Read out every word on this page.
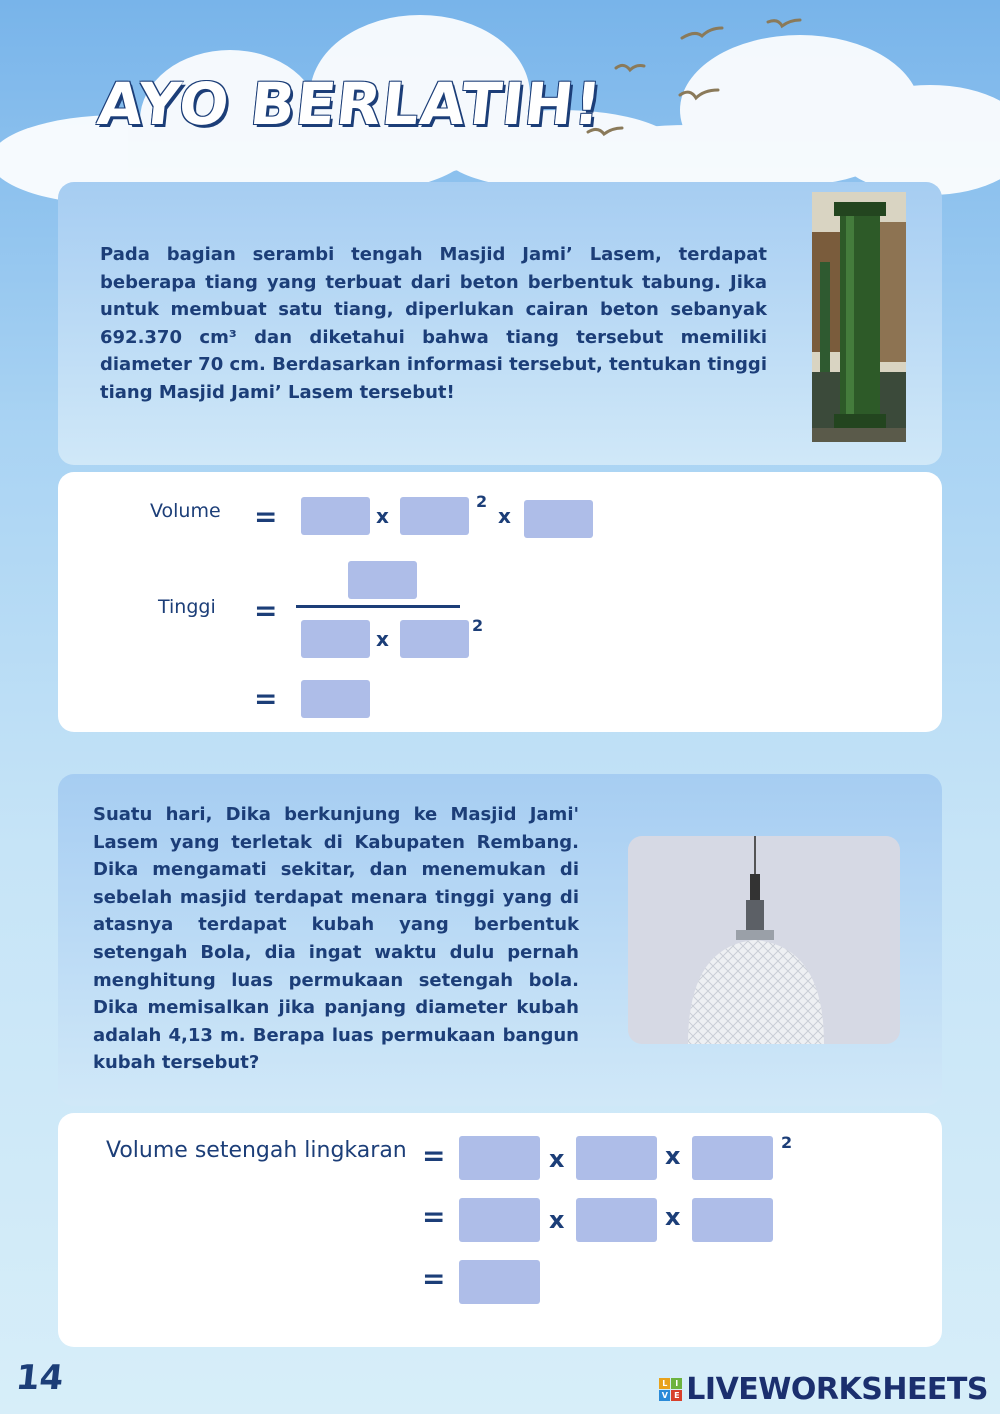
AYO BERLATIH!
Pada bagian serambi tengah Masjid Jami’ Lasem, terdapat beberapa tiang yang terbuat dari beton berbentuk tabung. Jika untuk membuat satu tiang, diperlukan cairan beton sebanyak 692.370 cm³ dan diketahui bahwa tiang tersebut memiliki diameter 70 cm. Berdasarkan informasi tersebut, tentukan tinggi tiang Masjid Jami’ Lasem tersebut!
Volume =	x
2
x
Tinggi =
x
2
=
Suatu hari, Dika berkunjung ke Masjid Jami' Lasem yang terletak di Kabupaten Rembang. Dika mengamati sekitar, dan menemukan di sebelah masjid terdapat menara tinggi yang di atasnya terdapat kubah yang berbentuk setengah Bola, dia ingat waktu dulu pernah menghitung luas permukaan setengah bola. Dika memisalkan jika panjang diameter kubah adalah 4,13 m. Berapa luas permukaan bangun kubah tersebut?
Volume setengah lingkaran =	x	x	2
=	x	x
=
14	L I
V E LIVEWORKSHEETS
